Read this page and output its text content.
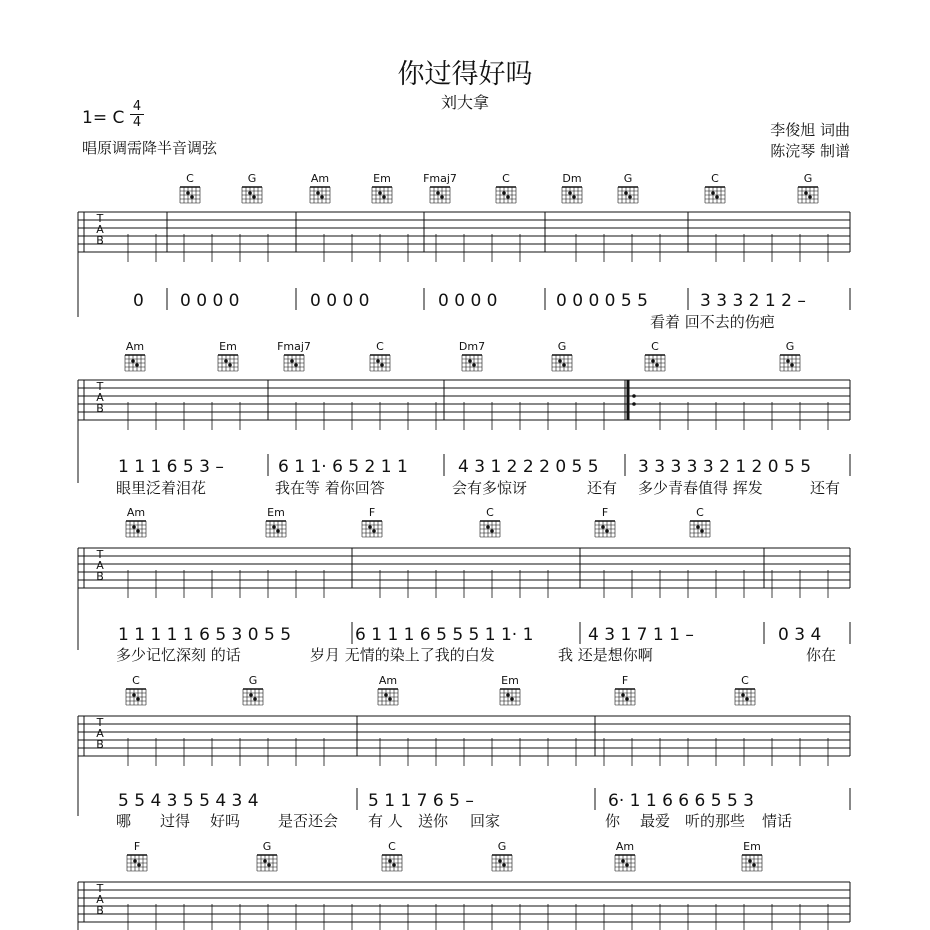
你过得好吗
刘大拿
1= C
4
4
唱原调需降半音调弦
李俊旭 词曲
陈浣琴 制谱
T
A
B
C	G	Am	Em	Fmaj7	C	Dm	G	C	G
0 0 0 0 0	0 0 0 0	0 0 0 0	0 0 0 0 5 5	3 3 3 2 1 2 –
看着 回不去的伤疤
T
A
B
Am	Em	Fmaj7	C	Dm7	G	C	G
1 1 1 6 5 3 –	6 1 1· 6 5 2 1 1	4 3 1 2 2 2 0 5 5 3 3 3 3 3 2 1 2 0 5 5
眼里泛着泪花	我在等 着你回答	会有多惊讶	还有 多少青春值得 挥发	还有
T
A
B
Am	Em	F	C	F	C
1 1 1 1 1 6 5 3 0 5 5	6 1 1 1 6 5 5 5 1 1· 1	4 3 1 7 1 1 –	0 3 4
多少记忆深刻 的话	岁月 无情的染上了我的白发	我 还是想你啊	你在
T
A
B
C	G	Am	Em	F	C
5 5 4 3 5 5 4 3 4	5 1 1 7 6 5 –	6· 1 1 6 6 6 5 5 3
哪 过得 好吗	是否还会 有 人 送你 回家	你 最爱 听的那些 情话
T
A
B
F	G	C	G	Am	Em
